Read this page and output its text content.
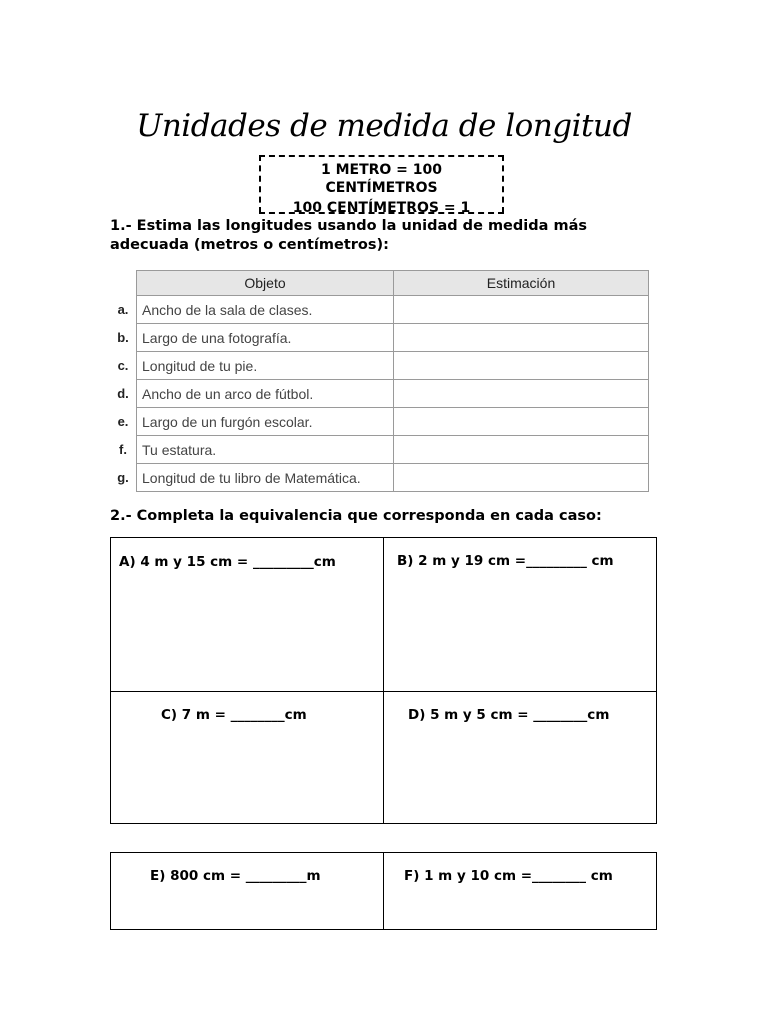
Unidades de medida de longitud
1 METRO = 100
CENTÍMETROS
100 CENTÍMETROS = 1
1.- Estima las longitudes usando la unidad de medida más adecuada (metros o centímetros):
	Objeto	Estimación
a.	Ancho de la sala de clases.	
b.	Largo de una fotografía.	
c.	Longitud de tu pie.	
d.	Ancho de un arco de fútbol.	
e.	Largo de un furgón escolar.	
f.	Tu estatura.	
g.	Longitud de tu libro de Matemática.	
2.- Completa la equivalencia que corresponda en cada caso:
A) 4 m y 15 cm = _________cm	B) 2 m y 19 cm =_________ cm

C) 7 m = ________cm	D) 5 m y 5 cm = ________cm
E) 800 cm = _________m	F) 1 m y 10 cm =________ cm
